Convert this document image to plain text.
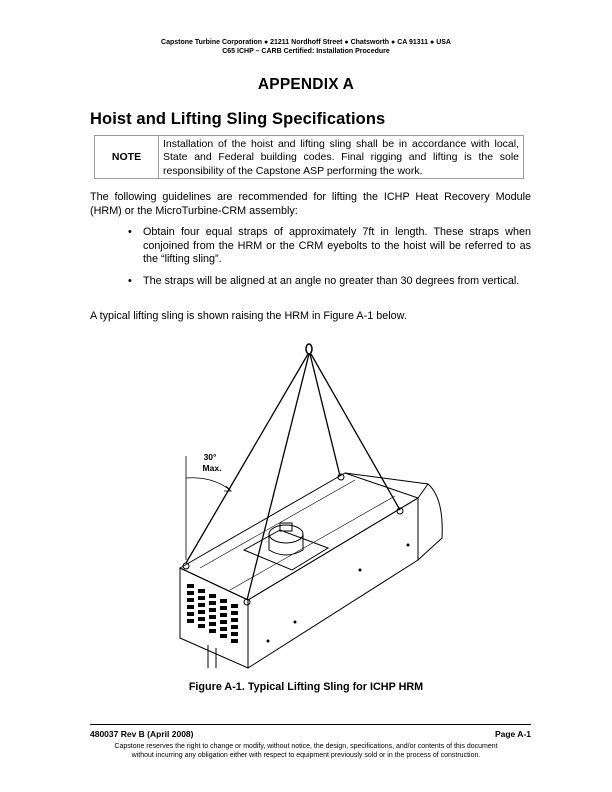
Capstone Turbine Corporation ● 21211 Nordhoff Street ● Chatsworth ● CA 91311 ● USA
C65 ICHP – CARB Certified: Installation Procedure
APPENDIX A
Hoist and Lifting Sling Specifications
NOTE
Installation of the hoist and lifting sling shall be in accordance with local, State and Federal building codes. Final rigging and lifting is the sole responsibility of the Capstone ASP performing the work.
The following guidelines are recommended for lifting the ICHP Heat Recovery Module (HRM) or the MicroTurbine-CRM assembly:
• Obtain four equal straps of approximately 7ft in length. These straps when conjoined from the HRM or the CRM eyebolts to the hoist will be referred to as the “lifting sling”.
• The straps will be aligned at an angle no greater than 30 degrees from vertical.
A typical lifting sling is shown raising the HRM in Figure A-1 below.
30°
Max.
Figure A-1. Typical Lifting Sling for ICHP HRM
480037 Rev B (April 2008)	Page A-1
Capstone reserves the right to change or modify, without notice, the design, specifications, and/or contents of this document
without incurring any obligation either with respect to equipment previously sold or in the process of construction.
